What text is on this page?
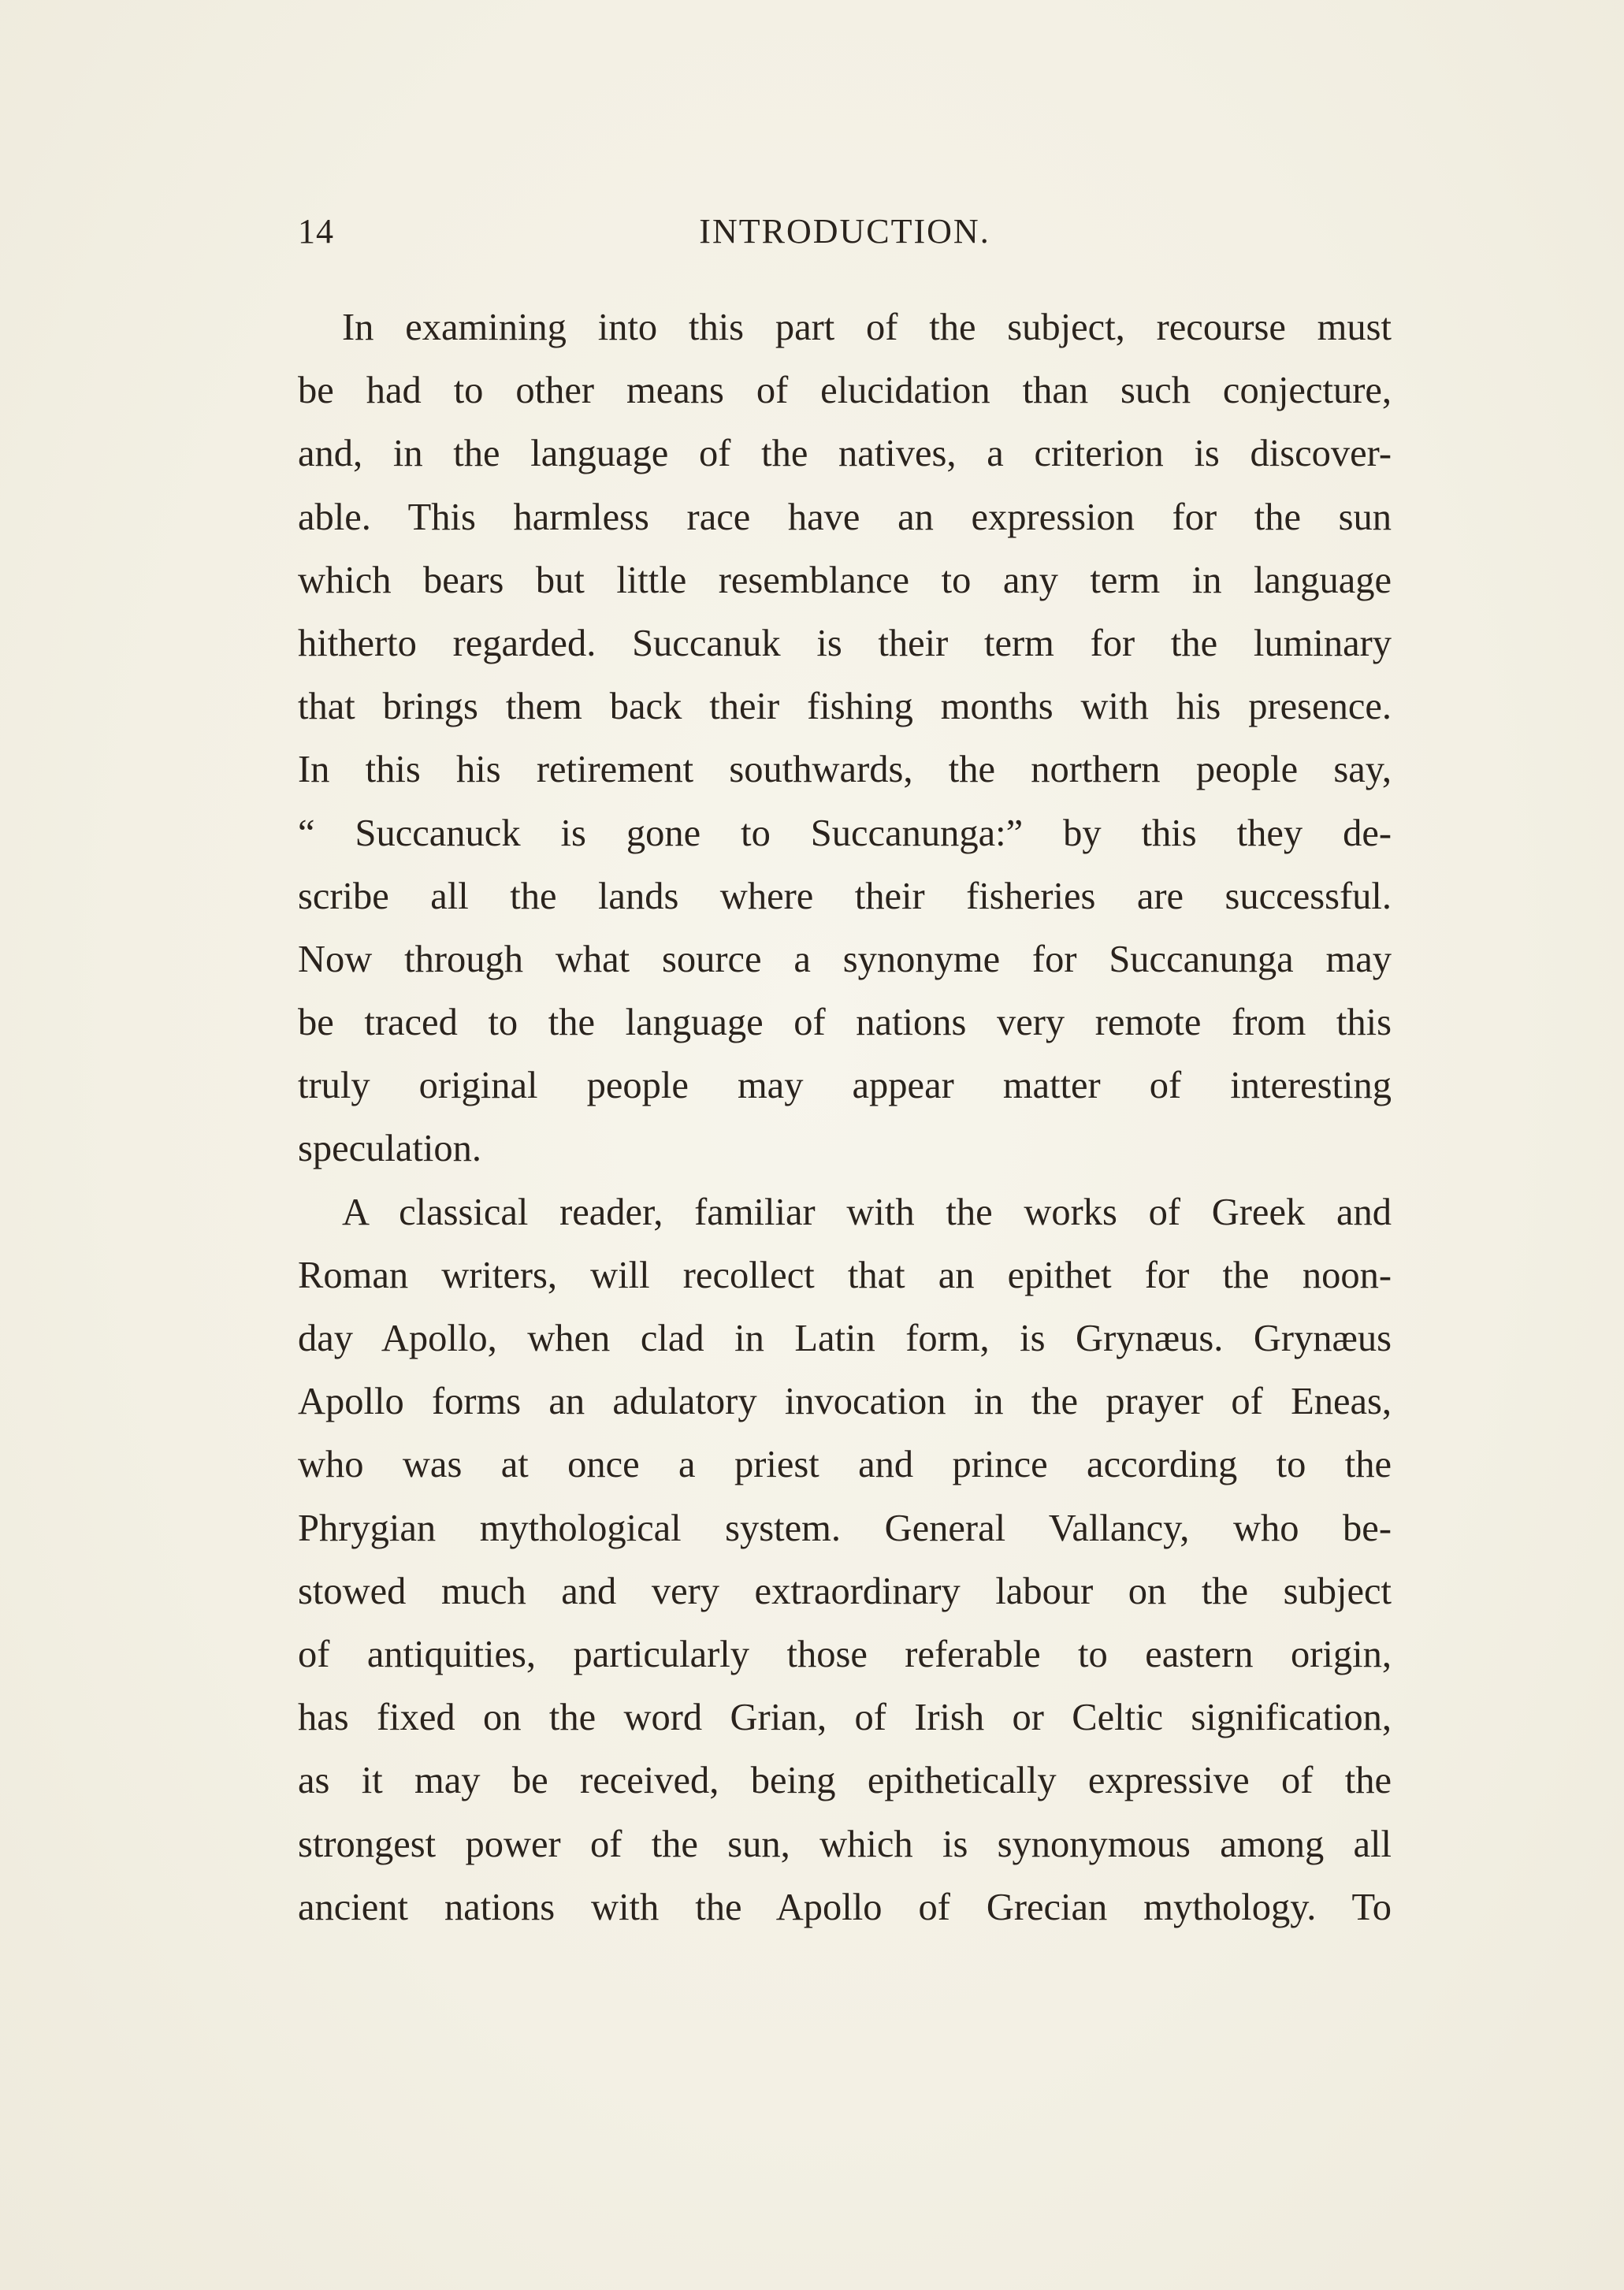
14	INTRODUCTION.
In examining into this part of the subject, recourse must
be had to other means of elucidation than such conjecture,
and, in the language of the natives, a criterion is discover-
able. This harmless race have an expression for the sun
which bears but little resemblance to any term in language
hitherto regarded. Succanuk is their term for the luminary
that brings them back their fishing months with his presence.
In this his retirement southwards, the northern people say,
“ Succanuck is gone to Succanunga:” by this they de-
scribe all the lands where their fisheries are successful.
Now through what source a synonyme for Succanunga may
be traced to the language of nations very remote from this
truly original people may appear matter of interesting
speculation.
A classical reader, familiar with the works of Greek and
Roman writers, will recollect that an epithet for the noon-
day Apollo, when clad in Latin form, is Grynæus. Grynæus
Apollo forms an adulatory invocation in the prayer of Eneas,
who was at once a priest and prince according to the
Phrygian mythological system. General Vallancy, who be-
stowed much and very extraordinary labour on the subject
of antiquities, particularly those referable to eastern origin,
has fixed on the word Grian, of Irish or Celtic signification,
as it may be received, being epithetically expressive of the
strongest power of the sun, which is synonymous among all
ancient nations with the Apollo of Grecian mythology. To
